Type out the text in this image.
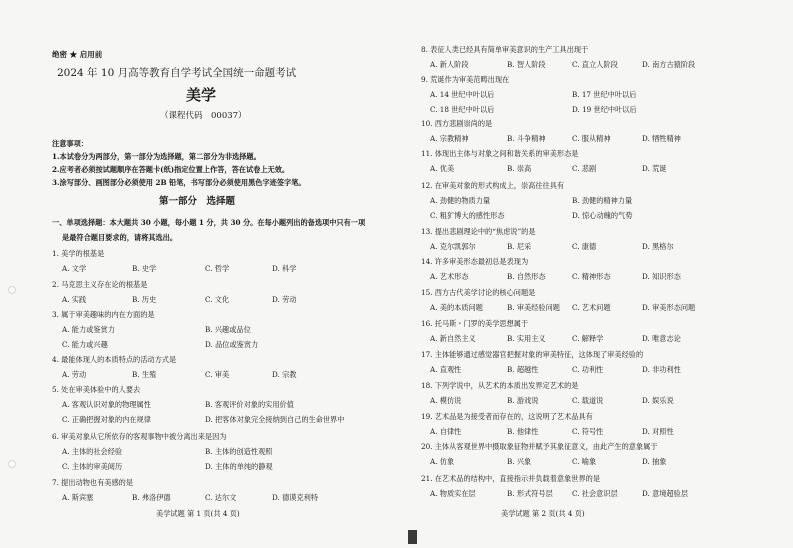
绝密 ★ 启用前
2024 年 10 月高等教育自学考试全国统一命题考试
美学
（课程代码　00037）
注意事项：
1.本试卷分为两部分，第一部分为选择题，第二部分为非选择题。
2.应考者必须按试题顺序在答题卡(纸)指定位置上作答，答在试卷上无效。
3.涂写部分、画图部分必须使用 2B 铅笔，书写部分必须使用黑色字迹签字笔。
第一部分　选择题
一、单项选择题：本大题共 30 小题，每小题 1 分，共 30 分。在每小题列出的备选项中只有一项
是最符合题目要求的，请将其选出。
1. 美学的根基是
A. 文学	B. 史学	C. 哲学	D. 科学
2. 马克思主义存在论的根基是
A. 实践	B. 历史	C. 文化	D. 劳动
3. 属于审美趣味的内在方面的是
A. 能力或鉴赏力	B. 兴趣或品位
C. 能力或兴趣	D. 品位或鉴赏力
4. 最能体现人的本质特点的活动方式是
A. 劳动	B. 生殖	C. 审美	D. 宗教
5. 处在审美体验中的人要去
A. 客观认识对象的物理属性	B. 客观评价对象的实用价值
C. 正确把握对象的内在规律	D. 把客体对象完全接纳到自己的生命世界中
6. 审美对象从它所依存的客观事物中被分离出来是因为
A. 主体的社会经验	B. 主体的创造性观照
C. 主体的审美阅历	D. 主体的单纯的静观
7. 提出动物也有美感的是
A. 斯宾塞	B. 弗洛伊德	C. 达尔文	D. 德谟克利特
美学试题 第 1 页(共 4 页)
8. 表征人类已经具有简单审美意识的生产工具出现于
A. 新人阶段	B. 智人阶段	C. 直立人阶段	D. 南方古猿阶段
9. 荒诞作为审美范畴出现在
A. 14 世纪中叶以后	B. 17 世纪中叶以后
C. 18 世纪中叶以后	D. 19 世纪中叶以后
10. 西方悲剧崇尚的是
A. 宗教精神	B. 斗争精神	C. 服从精神	D. 牺牲精神
11. 体现出主体与对象之间和谐关系的审美形态是
A. 优美	B. 崇高	C. 悲剧	D. 荒诞
12. 在审美对象的形式构成上，崇高往往具有
A. 劲健的物质力量	B. 劲健的精神力量
C. 粗犷博大的感性形态	D. 惊心动魄的气势
13. 提出悲剧理论中的“焦虑说”的是
A. 克尔凯郭尔	B. 尼采	C. 康德	D. 黑格尔
14. 许多审美形态最初总是表现为
A. 艺术形态	B. 自然形态	C. 精神形态	D. 知识形态
15. 西方古代美学讨论的核心问题是
A. 美的本质问题	B. 审美经验问题 C. 艺术问题	D. 审美形态问题
16. 托马斯・门罗的美学思想属于
A. 新自然主义	B. 实用主义	C. 解释学	D. 唯意志论
17. 主体能够通过感觉器官把握对象的审美特征，这体现了审美经验的
A. 直观性	B. 超越性	C. 功利性	D. 非功利性
18. 下列学说中，从艺术的本质出发界定艺术的是
A. 模仿说	B. 游戏说	C. 载道说	D. 娱乐说
19. 艺术品是为接受者而存在的，这说明了艺术品具有
A. 自律性	B. 他律性	C. 符号性	D. 对照性
20. 主体从客观世界中摄取象征物并赋予其象征意义，由此产生的意象属于
A. 仿象	B. 兴象	C. 喻象	D. 抽象
21. 在艺术品的结构中，直接指示并负载着意象世界的是
A. 物质实在层	B. 形式符号层	C. 社会意识层	D. 意境超验层
美学试题 第 2 页(共 4 页)
